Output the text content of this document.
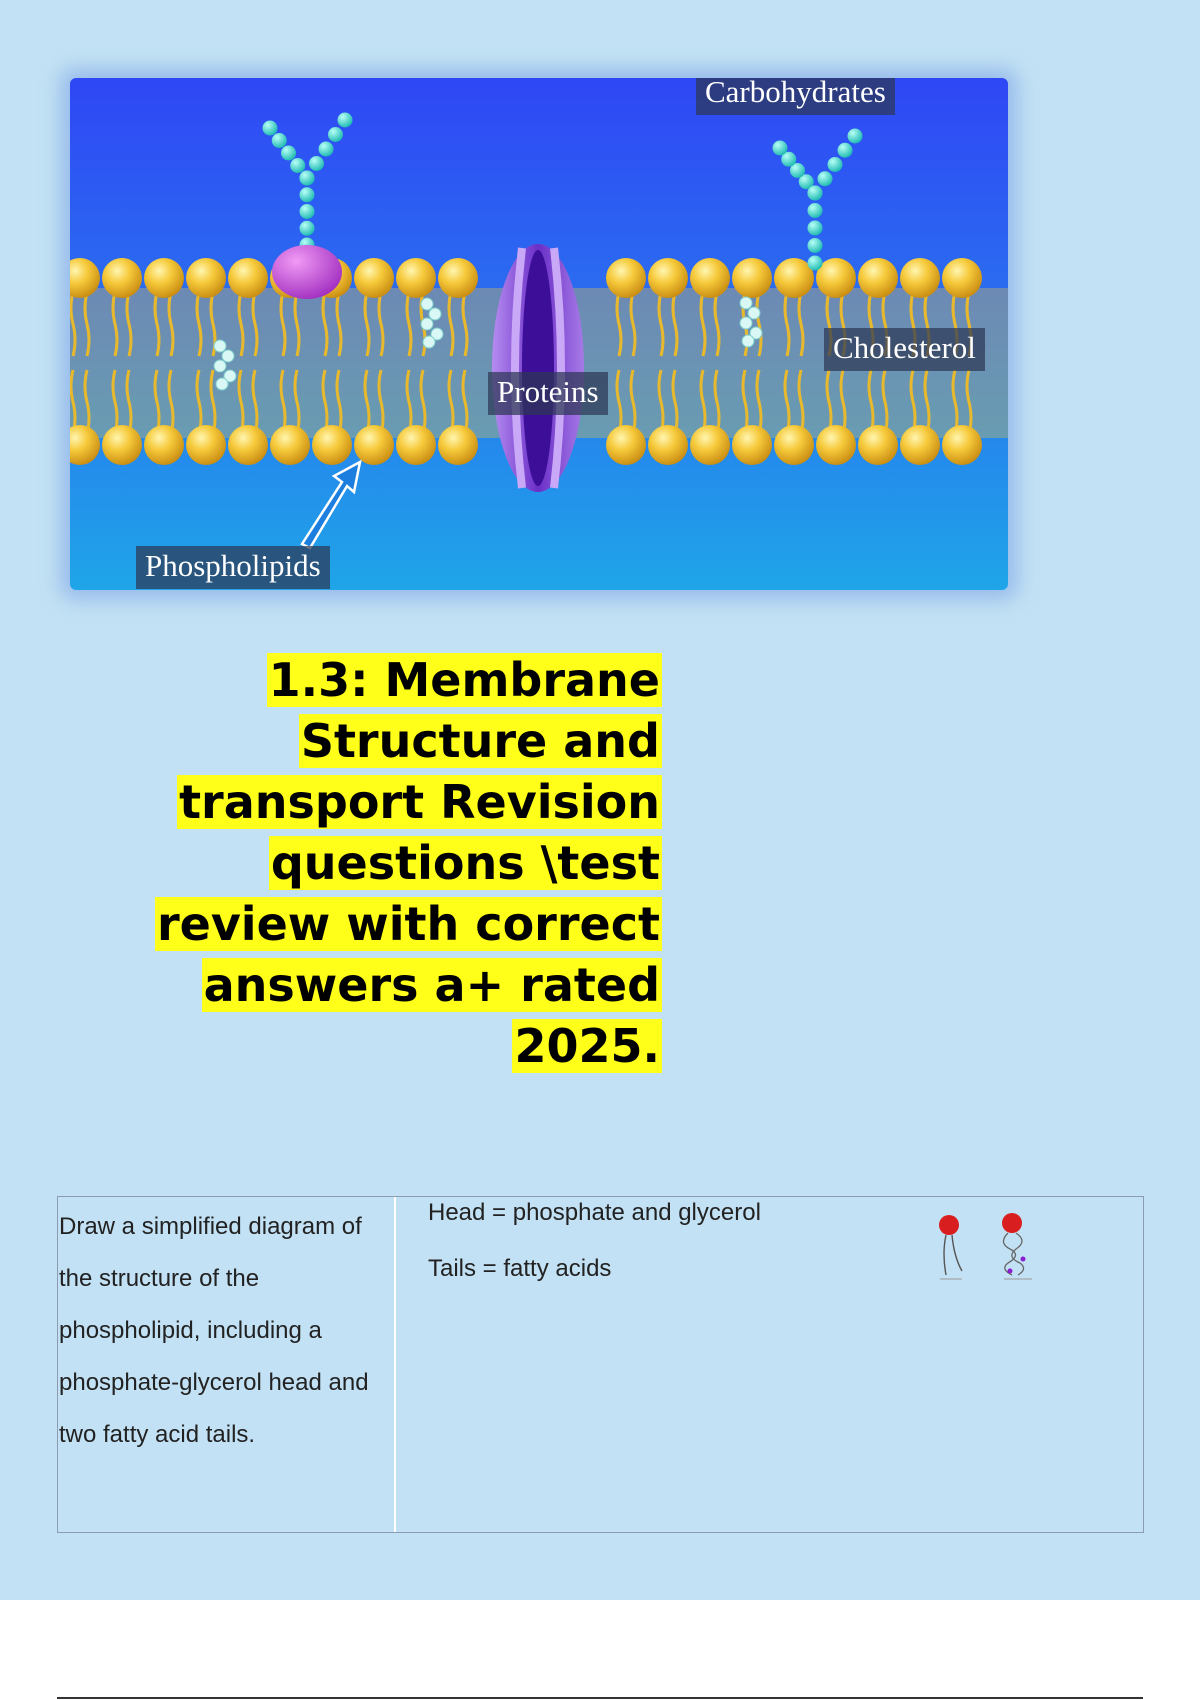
Carbohydrates
Cholesterol
Proteins
Phospholipids
1.3: Membrane Structure and transport Revision questions \test review with correct answers a+ rated 2025.

Draw a simplified diagram of the structure of the phospholipid, including a phosphate-glycerol head and two fatty acid tails.

Head = phosphate and glycerol
Tails = fatty acids
